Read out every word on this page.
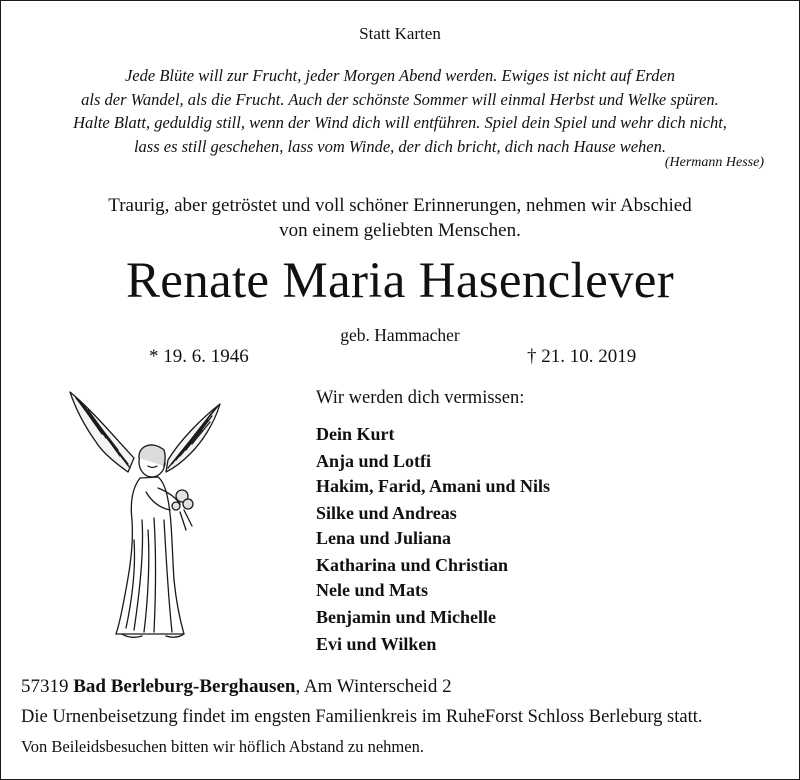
Statt Karten
Jede Blüte will zur Frucht, jeder Morgen Abend werden. Ewiges ist nicht auf Erden
als der Wandel, als die Frucht. Auch der schönste Sommer will einmal Herbst und Welke spüren.
Halte Blatt, geduldig still, wenn der Wind dich will entführen. Spiel dein Spiel und wehr dich nicht,
lass es still geschehen, lass vom Winde, der dich bricht, dich nach Hause wehen.
(Hermann Hesse)
Traurig, aber getröstet und voll schöner Erinnerungen, nehmen wir Abschied
von einem geliebten Menschen.
Renate Maria Hasenclever
geb. Hammacher
* 19. 6. 1946	† 21. 10. 2019
Wir werden dich vermissen:
Dein Kurt
Anja und Lotfi
Hakim, Farid, Amani und Nils
Silke und Andreas
Lena und Juliana
Katharina und Christian
Nele und Mats
Benjamin und Michelle
Evi und Wilken
57319 Bad Berleburg-Berghausen, Am Winterscheid 2
Die Urnenbeisetzung findet im engsten Familienkreis im RuheForst Schloss Berleburg statt.
Von Beileidsbesuchen bitten wir höflich Abstand zu nehmen.
